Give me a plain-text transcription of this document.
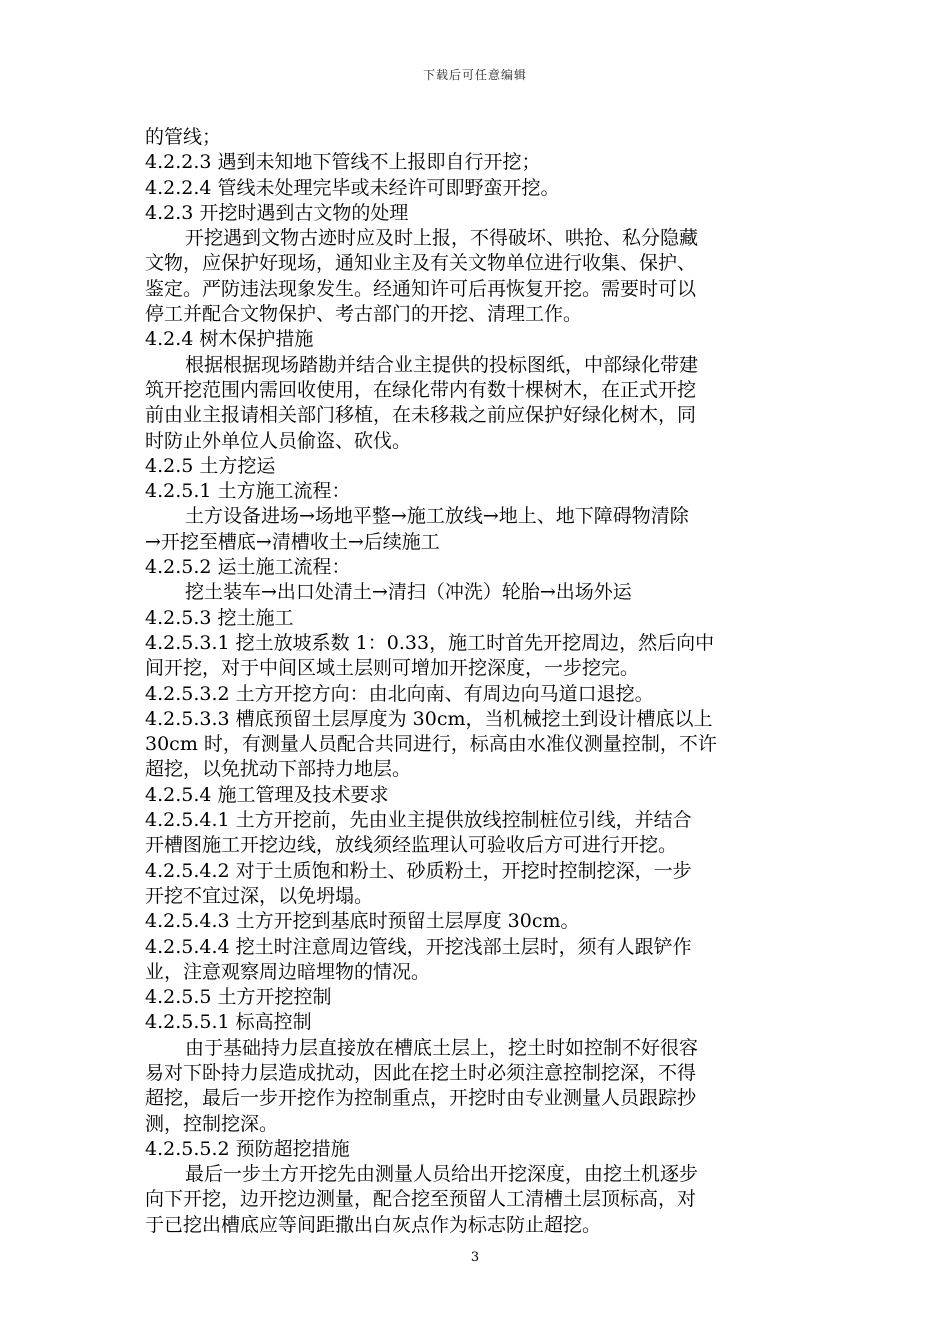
下载后可任意编辑
的管线；
4.2.2.3 遇到未知地下管线不上报即自行开挖；
4.2.2.4 管线未处理完毕或未经许可即野蛮开挖。
4.2.3 开挖时遇到古文物的处理
开挖遇到文物古迹时应及时上报，不得破坏、哄抢、私分隐藏
文物，应保护好现场，通知业主及有关文物单位进行收集、保护、
鉴定。严防违法现象发生。经通知许可后再恢复开挖。需要时可以
停工并配合文物保护、考古部门的开挖、清理工作。
4.2.4 树木保护措施
根据根据现场踏勘并结合业主提供的投标图纸，中部绿化带建
筑开挖范围内需回收使用，在绿化带内有数十棵树木，在正式开挖
前由业主报请相关部门移植，在未移栽之前应保护好绿化树木，同
时防止外单位人员偷盗、砍伐。
4.2.5 土方挖运
4.2.5.1 土方施工流程：
土方设备进场→场地平整→施工放线→地上、地下障碍物清除
→开挖至槽底→清槽收土→后续施工
4.2.5.2 运土施工流程：
挖土装车→出口处清土→清扫（冲洗）轮胎→出场外运
4.2.5.3 挖土施工
4.2.5.3.1 挖土放坡系数 1：0.33，施工时首先开挖周边，然后向中
间开挖，对于中间区域土层则可增加开挖深度，一步挖完。
4.2.5.3.2 土方开挖方向：由北向南、有周边向马道口退挖。
4.2.5.3.3 槽底预留土层厚度为 30cm，当机械挖土到设计槽底以上
30cm 时，有测量人员配合共同进行，标高由水准仪测量控制，不许
超挖，以免扰动下部持力地层。
4.2.5.4 施工管理及技术要求
4.2.5.4.1 土方开挖前，先由业主提供放线控制桩位引线，并结合
开槽图施工开挖边线，放线须经监理认可验收后方可进行开挖。
4.2.5.4.2 对于土质饱和粉土、砂质粉土，开挖时控制挖深，一步
开挖不宜过深，以免坍塌。
4.2.5.4.3 土方开挖到基底时预留土层厚度 30cm。
4.2.5.4.4 挖土时注意周边管线，开挖浅部土层时，须有人跟铲作
业，注意观察周边暗埋物的情况。
4.2.5.5 土方开挖控制
4.2.5.5.1 标高控制
由于基础持力层直接放在槽底土层上，挖土时如控制不好很容
易对下卧持力层造成扰动，因此在挖土时必须注意控制挖深，不得
超挖，最后一步开挖作为控制重点，开挖时由专业测量人员跟踪抄
测，控制挖深。
4.2.5.5.2 预防超挖措施
最后一步土方开挖先由测量人员给出开挖深度，由挖土机逐步
向下开挖，边开挖边测量，配合挖至预留人工清槽土层顶标高，对
于已挖出槽底应等间距撒出白灰点作为标志防止超挖。
3
